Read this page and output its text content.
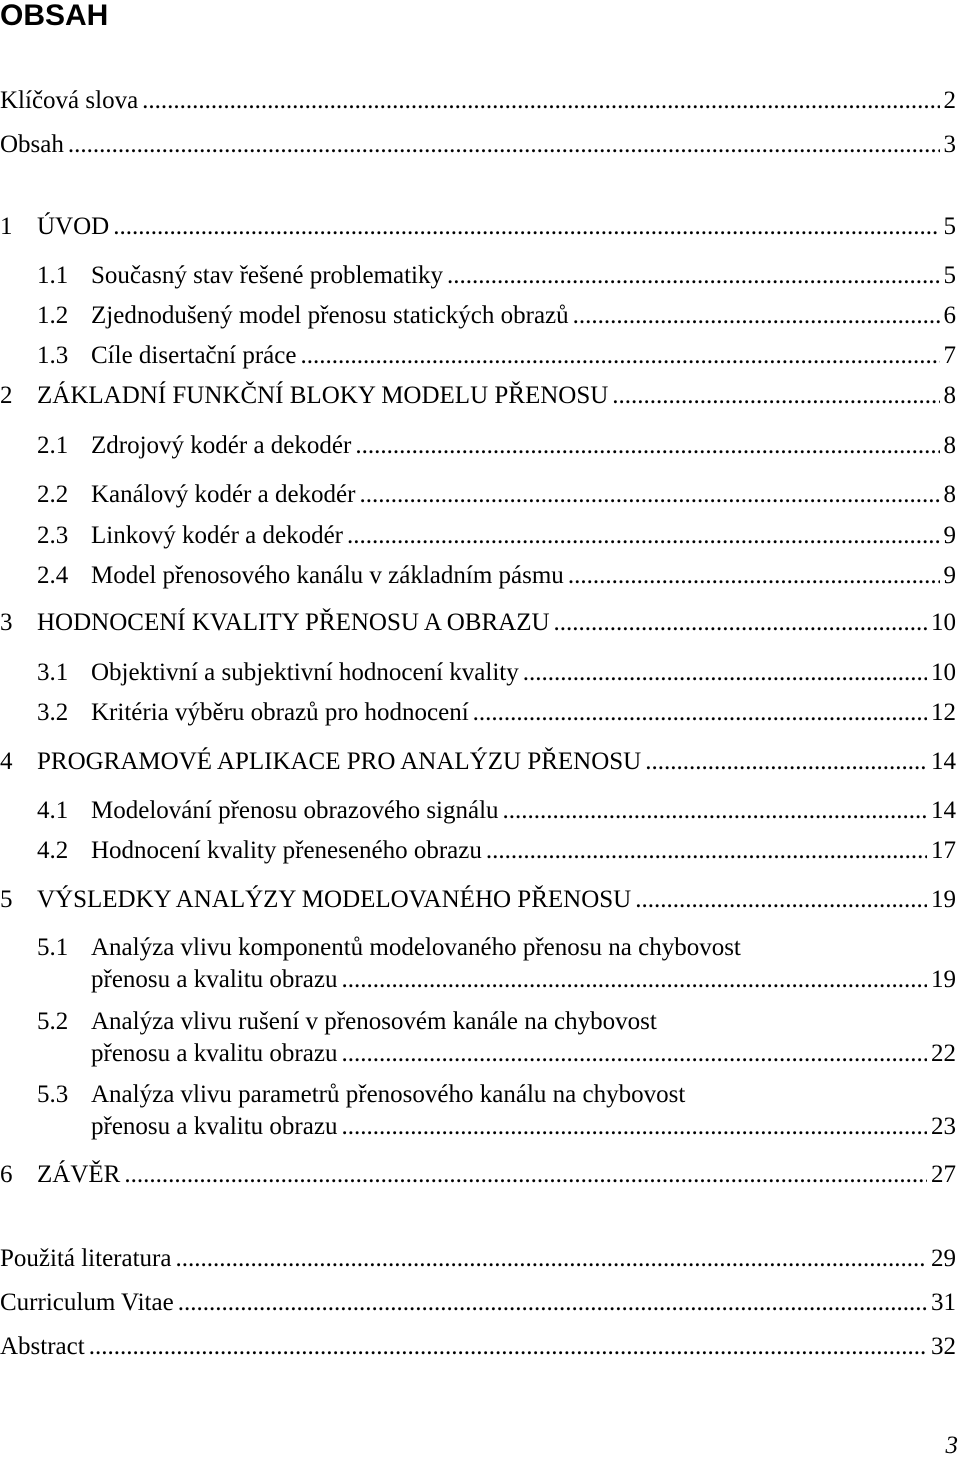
OBSAH
Klíčová slova .....	2
Obsah .....	3
1 ÚVOD .....	5
1.1 Současný stav řešené problematiky .....	5
1.2 Zjednodušený model přenosu statických obrazů .....	6
1.3 Cíle disertační práce .....	7
2 ZÁKLADNÍ FUNKČNÍ BLOKY MODELU PŘENOSU .....	8
2.1 Zdrojový kodér a dekodér .....	8
2.2 Kanálový kodér a dekodér .....	8
2.3 Linkový kodér a dekodér .....	9
2.4 Model přenosového kanálu v základním pásmu .....	9
3 HODNOCENÍ KVALITY PŘENOSU A OBRAZU .....	10
3.1 Objektivní a subjektivní hodnocení kvality .....	10
3.2 Kritéria výběru obrazů pro hodnocení .....	12
4 PROGRAMOVÉ APLIKACE PRO ANALÝZU PŘENOSU .....	14
4.1 Modelování přenosu obrazového signálu .....	14
4.2 Hodnocení kvality přeneseného obrazu .....	17
5 VÝSLEDKY ANALÝZY MODELOVANÉHO PŘENOSU .....	19
5.1 Analýza vlivu komponentů modelovaného přenosu na chybovost
přenosu a kvalitu obrazu .....	19
5.2 Analýza vlivu rušení v přenosovém kanále na chybovost
přenosu a kvalitu obrazu .....	22
5.3 Analýza vlivu parametrů přenosového kanálu na chybovost
přenosu a kvalitu obrazu .....	23
6 ZÁVĚR .....	27
Použitá literatura .....	29
Curriculum Vitae .....	31
Abstract .....	32
3
